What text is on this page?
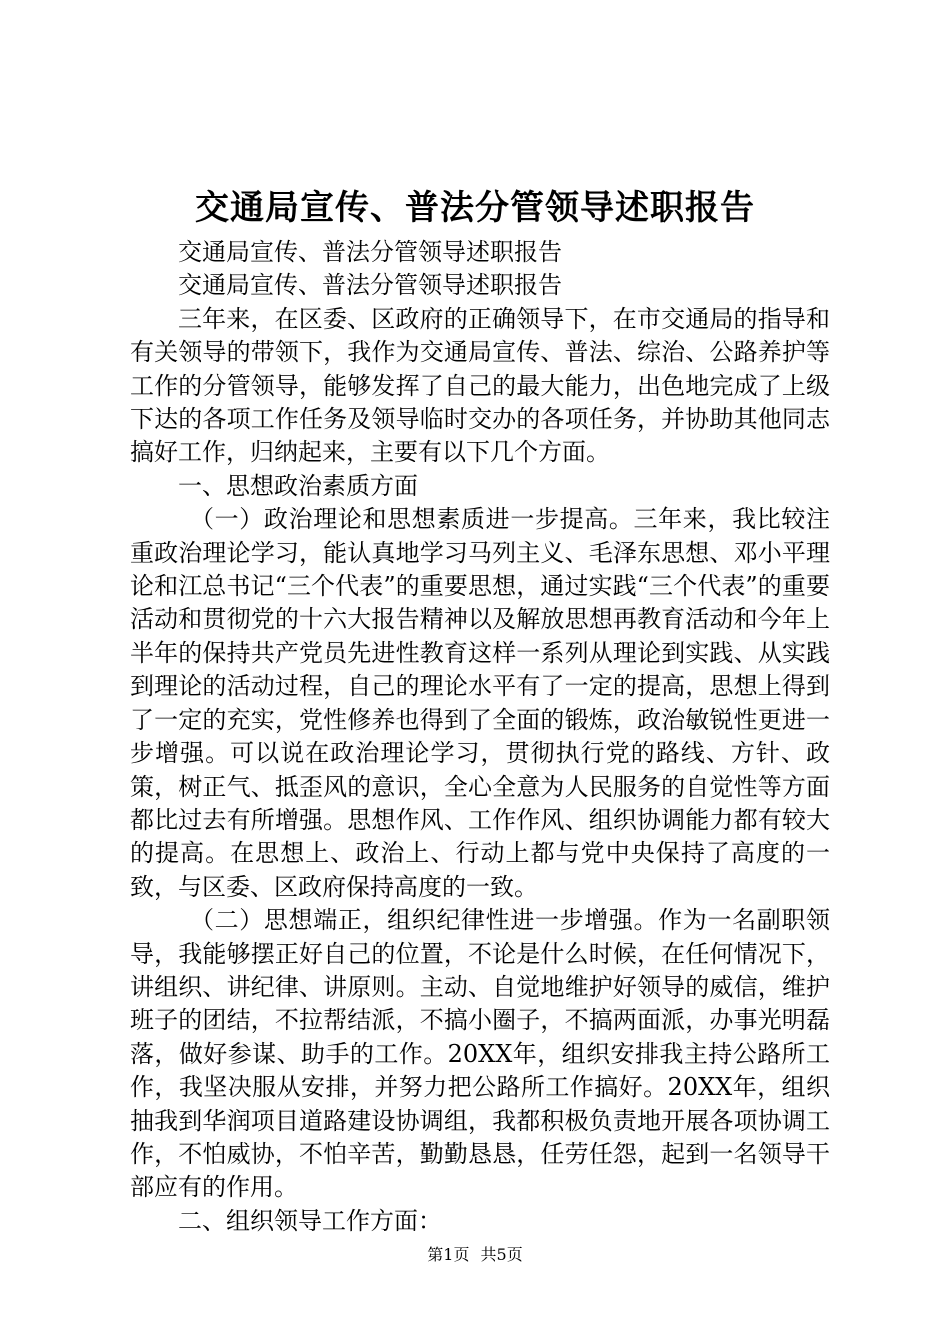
交通局宣传、普法分管领导述职报告

交通局宣传、普法分管领导述职报告

交通局宣传、普法分管领导述职报告

三年来，在区委、区政府的正确领导下，在市交通局的指导和有关领导的带领下，我作为交通局宣传、普法、综治、公路养护等工作的分管领导，能够发挥了自己的最大能力，出色地完成了上级下达的各项工作任务及领导临时交办的各项任务，并协助其他同志搞好工作，归纳起来，主要有以下几个方面。

一、思想政治素质方面

（一）政治理论和思想素质进一步提高。三年来，我比较注重政治理论学习，能认真地学习马列主义、毛泽东思想、邓小平理论和江总书记“三个代表”的重要思想，通过实践“三个代表”的重要活动和贯彻党的十六大报告精神以及解放思想再教育活动和今年上半年的保持共产党员先进性教育这样一系列从理论到实践、从实践到理论的活动过程，自己的理论水平有了一定的提高，思想上得到了一定的充实，党性修养也得到了全面的锻炼，政治敏锐性更进一步增强。可以说在政治理论学习，贯彻执行党的路线、方针、政策，树正气、抵歪风的意识，全心全意为人民服务的自觉性等方面都比过去有所增强。思想作风、工作作风、组织协调能力都有较大的提高。在思想上、政治上、行动上都与党中央保持了高度的一致，与区委、区政府保持高度的一致。

（二）思想端正，组织纪律性进一步增强。作为一名副职领导，我能够摆正好自己的位置，不论是什么时候，在任何情况下，讲组织、讲纪律、讲原则。主动、自觉地维护好领导的威信，维护班子的团结，不拉帮结派，不搞小圈子，不搞两面派，办事光明磊落，做好参谋、助手的工作。20XX年，组织安排我主持公路所工作，我坚决服从安排，并努力把公路所工作搞好。20XX年，组织抽我到华润项目道路建设协调组，我都积极负责地开展各项协调工作，不怕威协，不怕辛苦，勤勤恳恳，任劳任怨，起到一名领导干部应有的作用。

二、组织领导工作方面：

第1页 共5页
